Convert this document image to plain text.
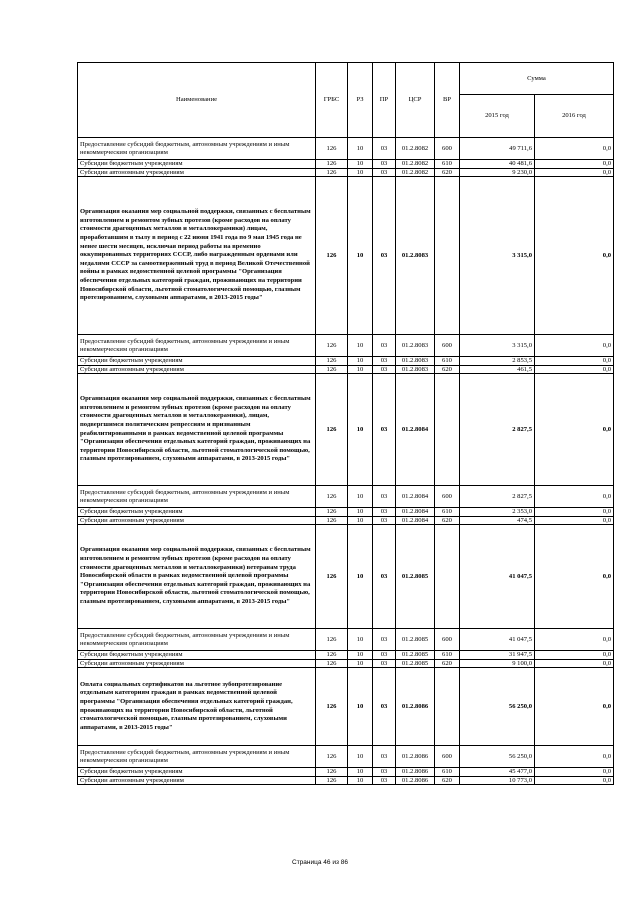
Наименование	ГРБС	РЗ	ПР	ЦСР	ВР	Сумма	
						2015 год	2016 год
Предоставление субсидий бюджетным, автономным учреждениям и иным некоммерческим организациям	126	10	03	01.2.8082	600	49 711,6	0,0
Субсидии бюджетным учреждениям	126	10	03	01.2.8082	610	40 481,6	0,0
Субсидии автономным учреждениям	126	10	03	01.2.8082	620	9 230,0	0,0
Организация оказания мер социальной поддержки, связанных с бесплатным изготовлением и ремонтом зубных протезов (кроме расходов на оплату стоимости драгоценных металлов и металлокерамики) лицам, проработавшим в тылу в период с 22 июня 1941 года по 9 мая 1945 года не менее шести месяцев, исключая период работы на временно оккупированных территориях СССР, либо награжденным орденами или медалями СССР за самоотверженный труд в период Великой Отечественной войны в рамках ведомственной целевой программы "Организация обеспечения отдельных категорий граждан, проживающих на территории Новосибирской области, льготной стоматологической помощью, глазным протезированием, слуховыми аппаратами, в 2013-2015 годы"	126	10	03	01.2.8083		3 315,0	0,0
Предоставление субсидий бюджетным, автономным учреждениям и иным некоммерческим организациям	126	10	03	01.2.8083	600	3 315,0	0,0
Субсидии бюджетным учреждениям	126	10	03	01.2.8083	610	2 853,5	0,0
Субсидии автономным учреждениям	126	10	03	01.2.8083	620	461,5	0,0
Организация оказания мер социальной поддержки, связанных с бесплатным изготовлением и ремонтом зубных протезов (кроме расходов на оплату стоимости драгоценных металлов и металлокерамики), лицам, подвергшимся политическим репрессиям и признанным реабилитированными в рамках ведомственной целевой программы "Организация обеспечения отдельных категорий граждан, проживающих на территории Новосибирской области, льготной стоматологической помощью, глазным протезированием, слуховыми аппаратами, в 2013-2015 годы"	126	10	03	01.2.8084		2 827,5	0,0
Предоставление субсидий бюджетным, автономным учреждениям и иным некоммерческим организациям	126	10	03	01.2.8084	600	2 827,5	0,0
Субсидии бюджетным учреждениям	126	10	03	01.2.8084	610	2 353,0	0,0
Субсидии автономным учреждениям	126	10	03	01.2.8084	620	474,5	0,0
Организация оказания мер социальной поддержки, связанных с бесплатным изготовлением и ремонтом зубных протезов (кроме расходов на оплату стоимости драгоценных металлов и металлокерамики) ветеранам труда Новосибирской области в рамках ведомственной целевой программы "Организация обеспечения отдельных категорий граждан, проживающих на территории Новосибирской области, льготной стоматологической помощью, глазным протезированием, слуховыми аппаратами, в 2013-2015 годы"	126	10	03	01.2.8085		41 047,5	0,0
Предоставление субсидий бюджетным, автономным учреждениям и иным некоммерческим организациям	126	10	03	01.2.8085	600	41 047,5	0,0
Субсидии бюджетным учреждениям	126	10	03	01.2.8085	610	31 947,5	0,0
Субсидии автономным учреждениям	126	10	03	01.2.8085	620	9 100,0	0,0
Оплата социальных сертификатов на льготное зубопротезирование отдельным категориям граждан в рамках ведомственной целевой программы "Организация обеспечения отдельных категорий граждан, проживающих на территории Новосибирской области, льготной стоматологической помощью, глазным протезированием, слуховыми аппаратами, в 2013-2015 годы"	126	10	03	01.2.8086		56 250,0	0,0
Предоставление субсидий бюджетным, автономным учреждениям и иным некоммерческим организациям	126	10	03	01.2.8086	600	56 250,0	0,0
Субсидии бюджетным учреждениям	126	10	03	01.2.8086	610	45 477,0	0,0
Субсидии автономным учреждениям	126	10	03	01.2.8086	620	10 773,0	0,0
Страница 46 из 86
